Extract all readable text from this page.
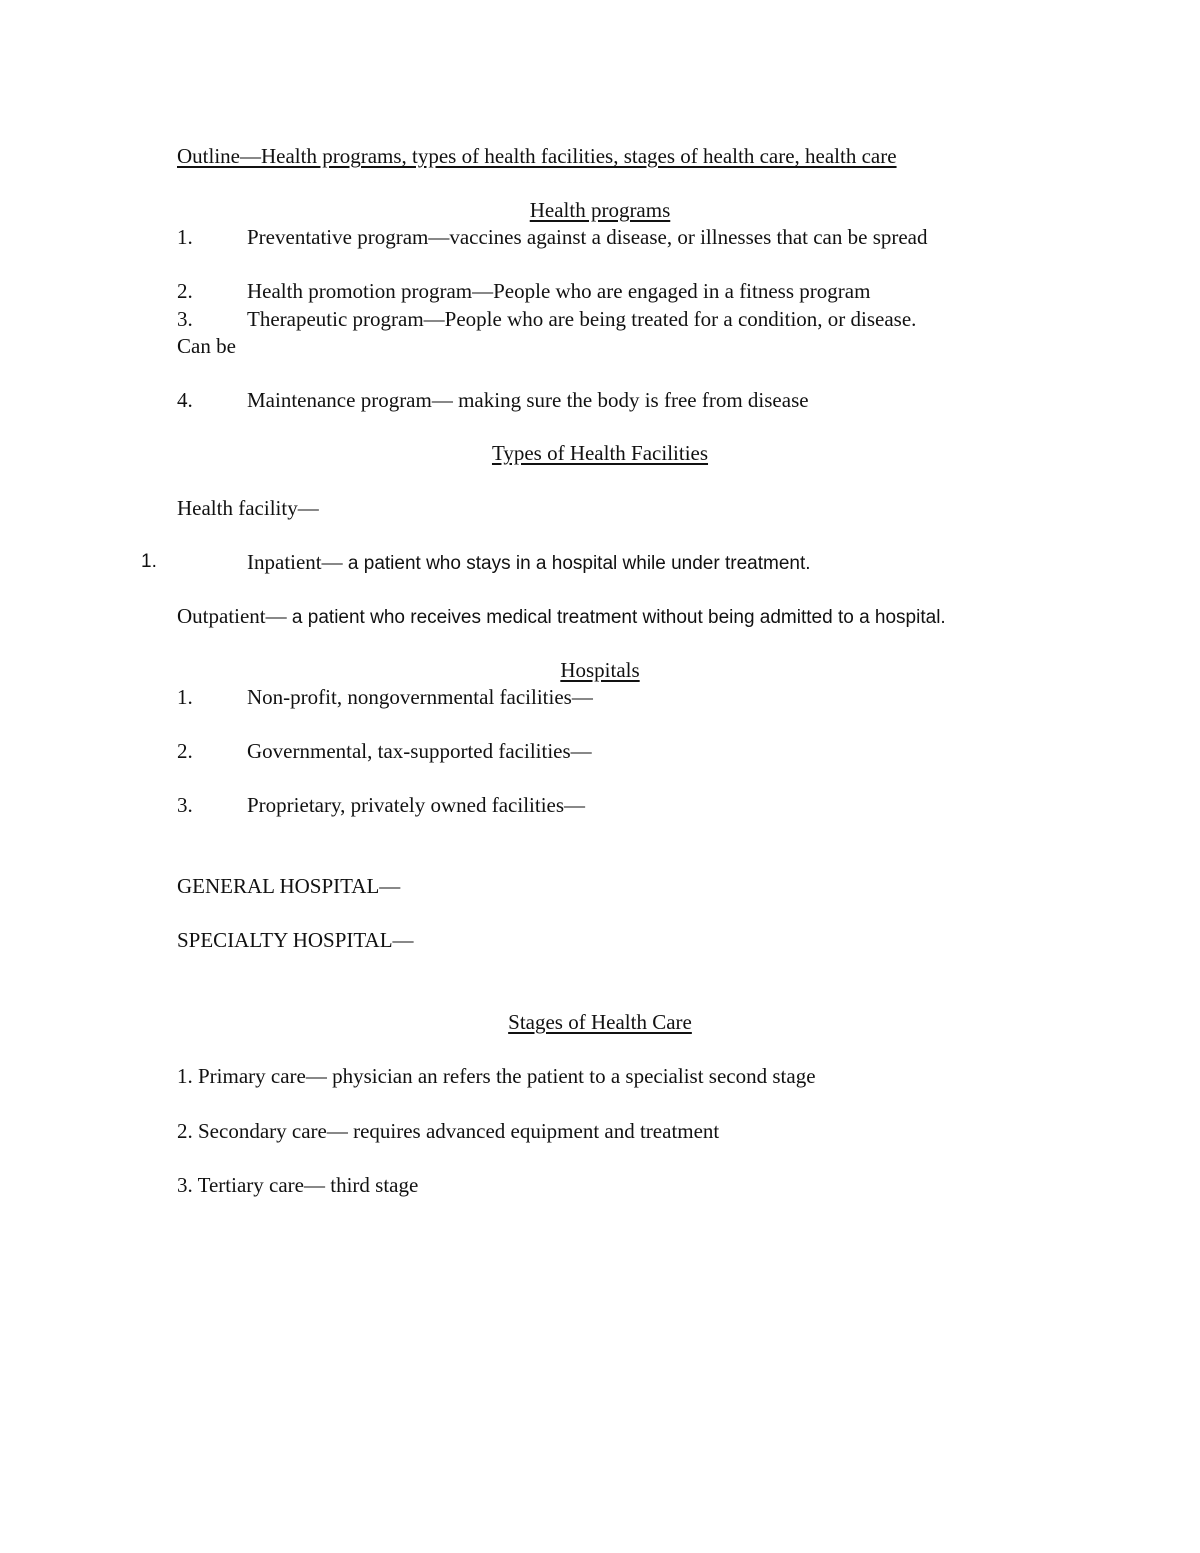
Outline—Health programs, types of health facilities, stages of health care, health care
Health programs
1.	Preventative program—vaccines against a disease, or illnesses that can be spread
2.	Health promotion program—People who are engaged in a fitness program
3.	Therapeutic program—People who are being treated for a condition, or disease.
Can be
4.	Maintenance program— making sure the body is free from disease
Types of Health Facilities
Health facility—
1.	Inpatient— a patient who stays in a hospital while under treatment.
Outpatient— a patient who receives medical treatment without being admitted to a hospital.
Hospitals
1.	Non-profit, nongovernmental facilities—
2.	Governmental, tax-supported facilities—
3.	Proprietary, privately owned facilities—
GENERAL HOSPITAL—
SPECIALTY HOSPITAL—
Stages of Health Care
1. Primary care— physician an refers the patient to a specialist second stage
2. Secondary care— requires advanced equipment and treatment
3. Tertiary care— third stage
